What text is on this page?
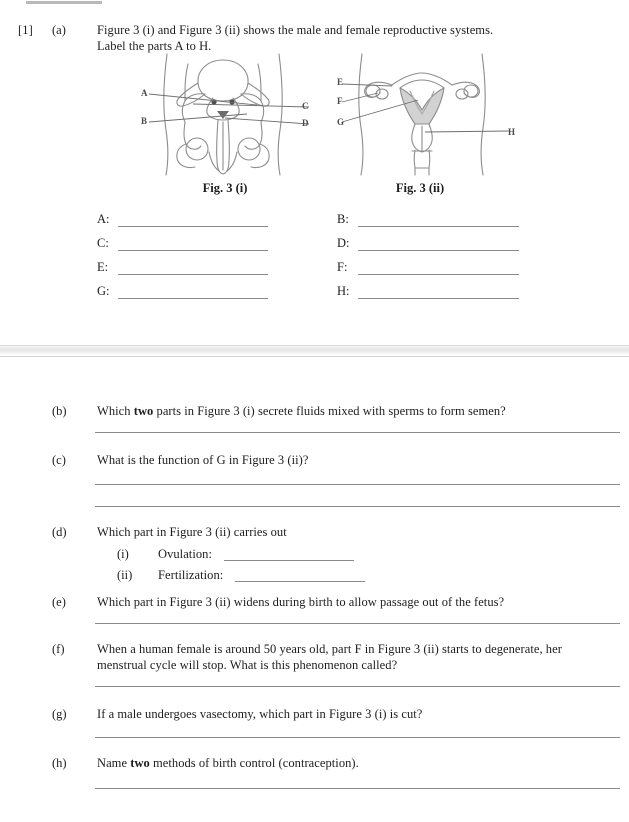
[1] (a) Figure 3 (i) and Figure 3 (ii) shows the male and female reproductive systems.
Label the parts A to H.
A
B
C
D
Fig. 3 (i)
E
F
G
H
Fig. 3 (ii)
A:	B:
C:	D:
E:	F:
G:	H:
(b) Which two parts in Figure 3 (i) secrete fluids mixed with sperms to form semen?
(c) What is the function of G in Figure 3 (ii)?
(d) Which part in Figure 3 (ii) carries out
(i) Ovulation:
(ii) Fertilization:
(e) Which part in Figure 3 (ii) widens during birth to allow passage out of the fetus?
(f)	When a human female is around 50 years old, part F in Figure 3 (ii) starts to degenerate, her
menstrual cycle will stop. What is this phenomenon called?
(g) If a male undergoes vasectomy, which part in Figure 3 (i) is cut?
(h) Name two methods of birth control (contraception).
